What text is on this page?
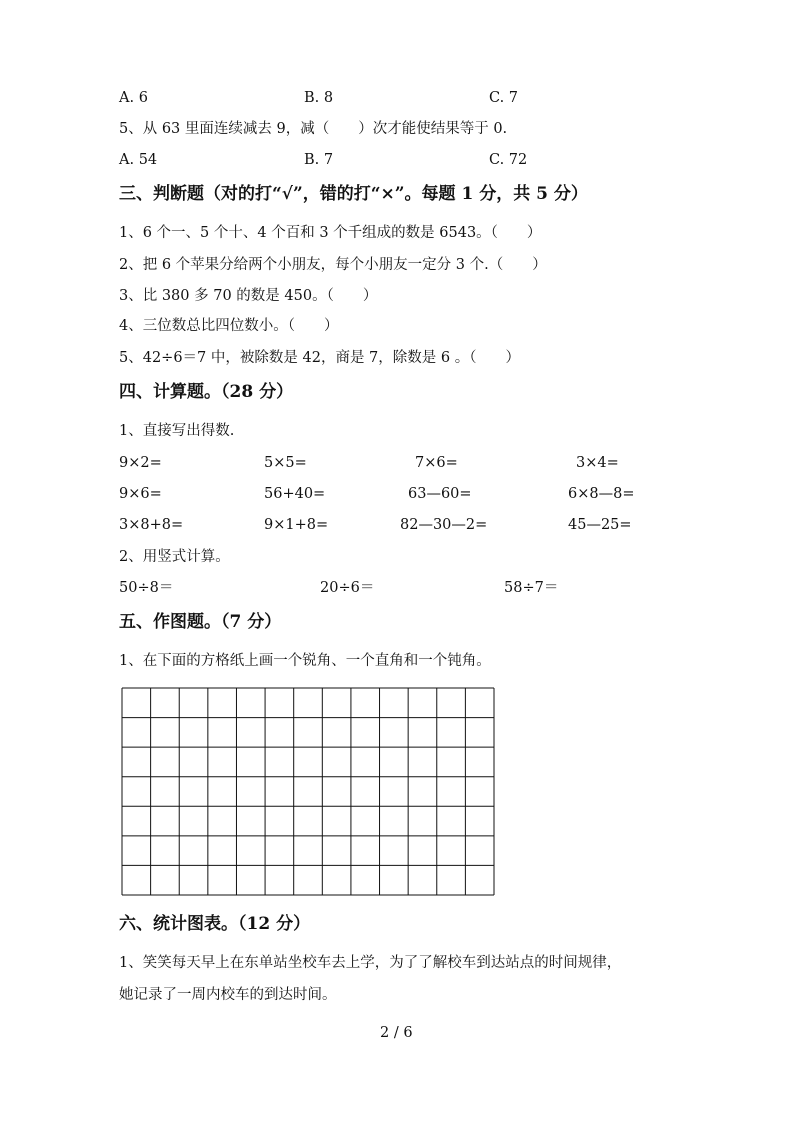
A. 6	B. 8	C. 7
5、从 63 里面连续减去 9，减（　　）次才能使结果等于 0.
A. 54	B. 7	C. 72
三、判断题（对的打“√”，错的打“×”。每题 1 分，共 5 分）
1、6 个一、5 个十、4 个百和 3 个千组成的数是 6543。（　　）
2、把 6 个苹果分给两个小朋友，每个小朋友一定分 3 个.（　　）
3、比 380 多 70 的数是 450。（　　）
4、三位数总比四位数小。（　　）
5、42÷6＝7 中，被除数是 42，商是 7，除数是 6 。（　　）
四、计算题。（28 分）
1、直接写出得数.
9×2=	5×5=	7×6=	3×4=
9×6=	56+40=	63—60=	6×8—8=
3×8+8=	9×1+8=	82—30—2=	45—25=
2、用竖式计算。
50÷8＝	20÷6＝	58÷7＝
五、作图题。（7 分）
1、在下面的方格纸上画一个锐角、一个直角和一个钝角。
六、统计图表。（12 分）
1、笑笑每天早上在东单站坐校车去上学，为了了解校车到达站点的时间规律，
她记录了一周内校车的到达时间。
2 / 6
